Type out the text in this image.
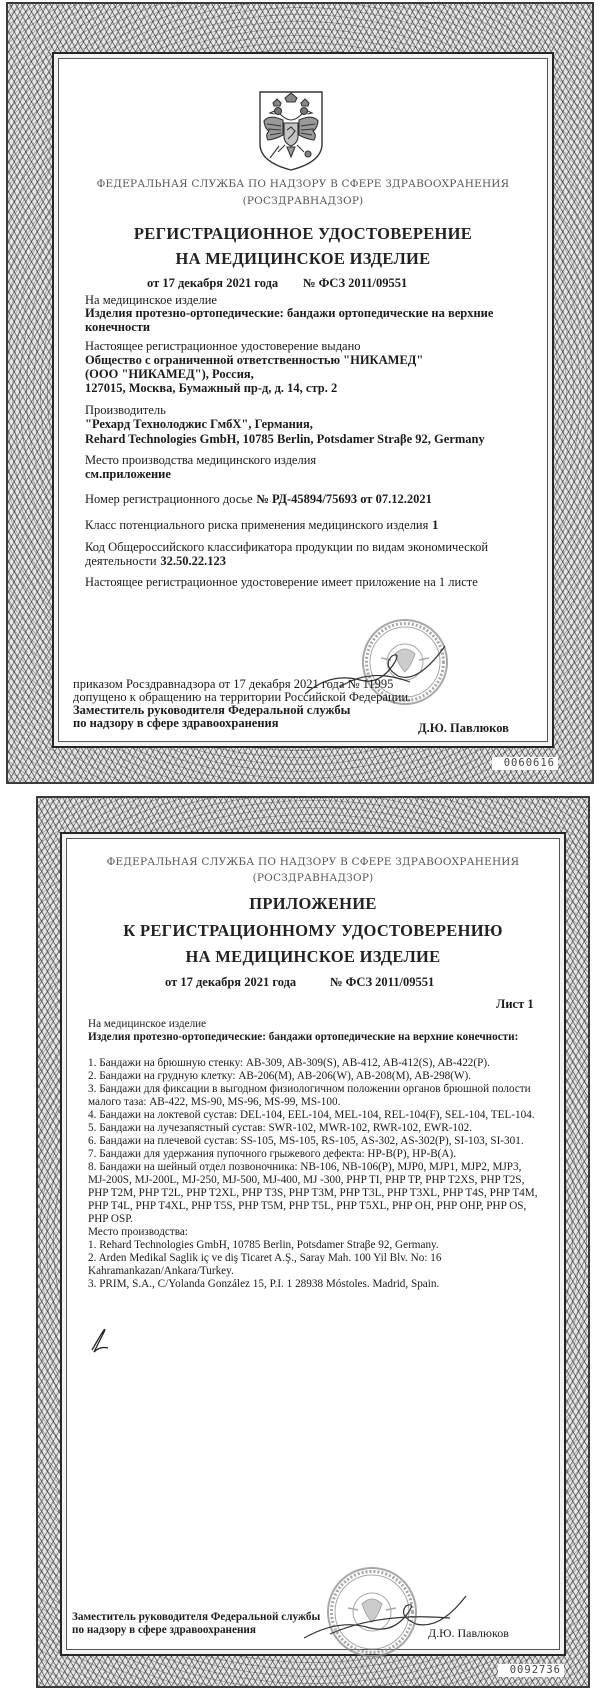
ФЕДЕРАЛЬНАЯ СЛУЖБА ПО НАДЗОРУ В СФЕРЕ ЗДРАВООХРАНЕНИЯ
(РОСЗДРАВНАДЗОР)
РЕГИСТРАЦИОННОЕ УДОСТОВЕРЕНИЕ
НА МЕДИЦИНСКОЕ ИЗДЕЛИЕ
от 17 декабря 2021 года № ФСЗ 2011/09551
На медицинское изделие
Изделия протезно-ортопедические: бандажи ортопедические на верхние конечности
Настоящее регистрационное удостоверение выдано
Общество с ограниченной ответственностью "НИКАМЕД"
(ООО "НИКАМЕД"), Россия,
127015, Москва, Бумажный пр-д, д. 14, стр. 2
Производитель
"Рехард Технолоджис ГмбХ", Германия,
Rehard Technologies GmbH, 10785 Berlin, Potsdamer Straβe 92, Germany
Место производства медицинского изделия
см.приложение
Номер регистрационного досье № РД-45894/75693 от 07.12.2021
Класс потенциального риска применения медицинского изделия 1
Код Общероссийского классификатора продукции по видам экономической деятельности 32.50.22.123
Настоящее регистрационное удостоверение имеет приложение на 1 листе
приказом Росздравнадзора от 17 декабря 2021 года № 11995
допущено к обращению на территории Российской Федерации.
Заместитель руководителя Федеральной службы
по надзору в сфере здравоохранения	Д.Ю. Павлюков
0060616
ФЕДЕРАЛЬНАЯ СЛУЖБА ПО НАДЗОРУ В СФЕРЕ ЗДРАВООХРАНЕНИЯ
(РОСЗДРАВНАДЗОР)
ПРИЛОЖЕНИЕ
К РЕГИСТРАЦИОННОМУ УДОСТОВЕРЕНИЮ
НА МЕДИЦИНСКОЕ ИЗДЕЛИЕ
от 17 декабря 2021 года	№ ФСЗ 2011/09551
Лист 1
На медицинское изделие
Изделия протезно-ортопедические: бандажи ортопедические на верхние конечности:
1. Бандажи на брюшную стенку: AB-309, AB-309(S), AB-412, AB-412(S), AB-422(P).
2. Бандажи на грудную клетку: AB-206(M), AB-206(W), AB-208(M), AB-298(W).
3. Бандажи для фиксации в выгодном физиологичном положении органов брюшной полости малого таза: AB-422, MS-90, MS-96, MS-99, MS-100.
4. Бандажи на локтевой сустав: DEL-104, EEL-104, MEL-104, REL-104(F), SEL-104, TEL-104.
5. Бандажи на лучезапястный сустав: SWR-102, MWR-102, RWR-102, EWR-102.
6. Бандажи на плечевой сустав: SS-105, MS-105, RS-105, AS-302, AS-302(P), SI-103, SI-301.
7. Бандажи для удержания пупочного грыжевого дефекта: HP-B(P), HP-B(A).
8. Бандажи на шейный отдел позвоночника: NB-106, NB-106(P), MJP0, MJP1, MJP2, MJP3, MJ-200S, MJ-200L, MJ-250, MJ-500, MJ-400, MJ -300, PHP TI, PHP TP, PHP T2XS, PHP T2S, PHP T2M, PHP T2L, PHP T2XL, PHP T3S, PHP T3M, PHP T3L, PHP T3XL, PHP T4S, PHP T4M, PHP T4L, PHP T4XL, PHP T5S, PHP T5M, PHP T5L, PHP T5XL, PHP OH, PHP OHP, PHP OS, PHP OSP.
Место производства:
1. Rehard Technologies GmbH, 10785 Berlin, Potsdamer Straβe 92, Germany.
2. Arden Medikal Saglik iç ve diş Ticaret A.Ş., Saray Mah. 100 Yil Blv. No: 16 Kahramankazan/Ankara/Turkey.
3. PRIM, S.A., C/Yolanda González 15, P.I. 1 28938 Móstoles. Madrid, Spain.
Заместитель руководителя Федеральной службы
по надзору в сфере здравоохранения	Д.Ю. Павлюков
0092736
